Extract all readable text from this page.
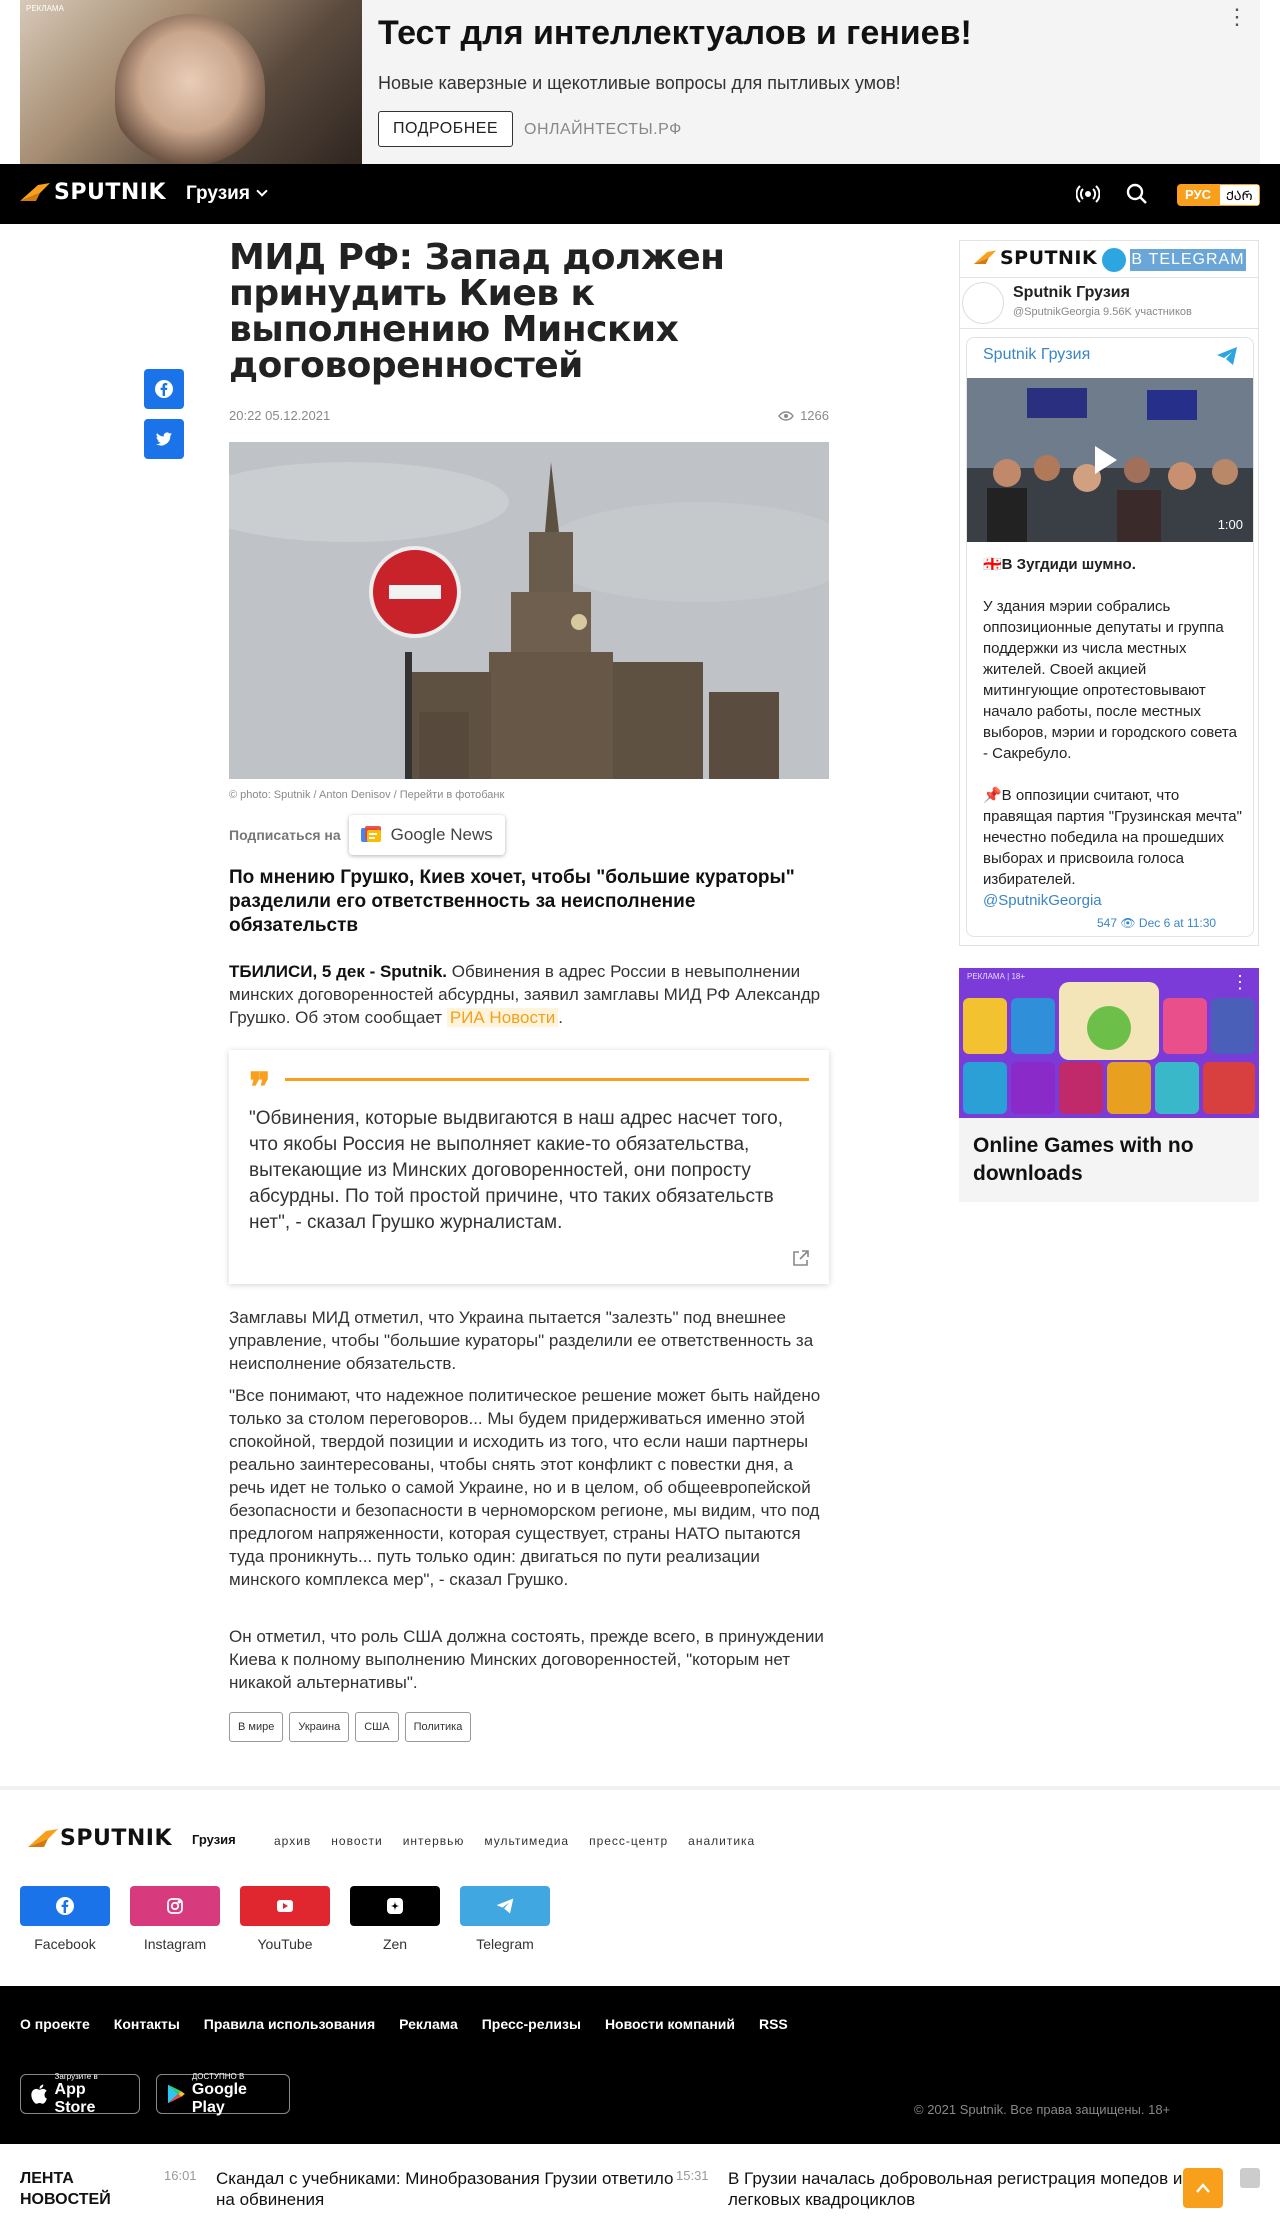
РЕКЛАМА
Тест для интеллектуалов и гениев!
Новые каверзные и щекотливые вопросы для пытливых умов!
ПОДРОБНЕЕ	ОНЛАЙНТЕСТЫ.РФ
⋮
SPUTNIK Грузия	РУС	ᲥᲐᲠ
МИД РФ: Запад должен принудить Киев к выполнению Минских договоренностей
20:22 05.12.2021	1266
© photo: Sputnik / Anton Denisov / Перейти в фотобанк
Подписаться на	Google News
По мнению Грушко, Киев хочет, чтобы "большие кураторы" разделили его ответственность за неисполнение обязательств
ТБИЛИСИ, 5 дек - Sputnik. Обвинения в адрес России в невыполнении минских договоренностей абсурдны, заявил замглавы МИД РФ Александр Грушко. Об этом сообщает РИА Новости .
❞
"Обвинения, которые выдвигаются в наш адрес насчет того, что якобы Россия не выполняет какие-то обязательства, вытекающие из Минских договоренностей, они попросту абсурдны. По той простой причине, что таких обязательств нет", - сказал Грушко журналистам.
Замглавы МИД отметил, что Украина пытается "залезть" под внешнее управление, чтобы "большие кураторы" разделили ее ответственность за неисполнение обязательств.
"Все понимают, что надежное политическое решение может быть найдено только за столом переговоров... Мы будем придерживаться именно этой спокойной, твердой позиции и исходить из того, что если наши партнеры реально заинтересованы, чтобы снять этот конфликт с повестки дня, а речь идет не только о самой Украине, но и в целом, об общеевропейской безопасности и безопасности в черноморском регионе, мы видим, что под предлогом напряженности, которая существует, страны НАТО пытаются туда проникнуть... путь только один: двигаться по пути реализации минского комплекса мер", - сказал Грушко.
Он отметил, что роль США должна состоять, прежде всего, в принуждении Киева к полному выполнению Минских договоренностей, "которым нет никакой альтернативы".
В мире	Украина	США	Политика
SPUTNIK В TELEGRAM
Sputnik Грузия
@SputnikGeorgia 9.56K участников
Sputnik Грузия
1:00
🇬🇪В Зугдиди шумно.
У здания мэрии собрались оппозиционные депутаты и группа поддержки из числа местных жителей. Своей акцией митингующие опротестовывают начало работы, после местных выборов, мэрии и городского совета - Сакребуло.
📌В оппозиции считают, что правящая партия "Грузинская мечта" нечестно победила на прошедших выборах и присвоила голоса избирателей.
@SputnikGeorgia
547 👁 Dec 6 at 11:30
РЕКЛАМА | 18+	⋮
Online Games with no downloads
SPUTNIK Грузия	архив новости интервью мультимедиа пресс-центр аналитика
Facebook	Instagram	YouTube	Zen	Telegram
О проекте Контакты Правила использования Реклама Пресс-релизы Новости компаний RSS
Загрузите в
App Store
ДОСТУПНО В
Google Play	© 2021 Sputnik. Все права защищены. 18+
ЛЕНТА
НОВОСТЕЙ
16:01 Скандал с учебниками: Минобразования Грузии ответило на обвинения
15:31 В Грузии началась добровольная регистрация мопедов и легковых квадроциклов
